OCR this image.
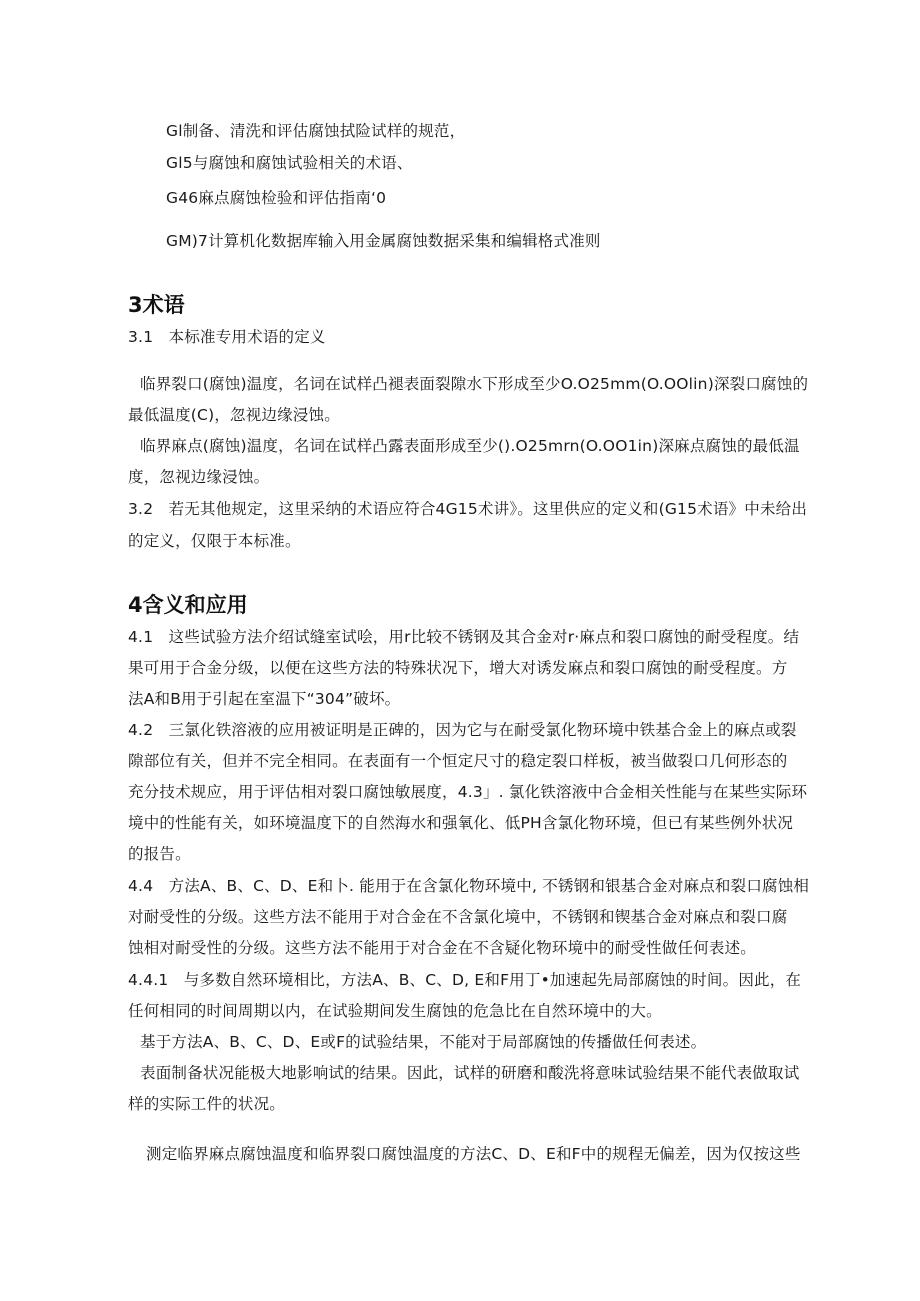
Gl制备、清洗和评估腐蚀拭险试样的规范，
Gl5与腐蚀和腐蚀试验相关的术语、
G46麻点腐蚀检验和评估指南‘0
GM)7计算机化数据库输入用金属腐蚀数据采集和编辑格式准则
3术语
3.1   本标准专用术语的定义
临界裂口(腐蚀)温度，名词在试样凸褪表面裂隙水下形成至少O.O25mm(O.OOlin)深裂口腐蚀的
最低温度(C)，忽视边缘浸蚀。
临界麻点(腐蚀)温度，名词在试样凸露表面形成至少().O25mrn(O.OO1in)深麻点腐蚀的最低温
度，忽视边缘浸蚀。
3.2   若无其他规定，这里采纳的术语应符合4G15术讲》。这里供应的定义和(G15术语》中未给出
的定义，仅限于本标准。
4含义和应用
4.1   这些试验方法介绍试缝室试哙，用r比较不锈钢及其合金对r·麻点和裂口腐蚀的耐受程度。结
果可用于合金分级，以便在这些方法的特殊状况下，增大对诱发麻点和裂口腐蚀的耐受程度。方
法A和B用于引起在室温下“304”破坏。
4.2   三氯化铁溶液的应用被证明是正碑的，因为它与在耐受氯化物环境中铁基合金上的麻点或裂
隙部位有关，但并不完全相同。在表面有一个恒定尺寸的稳定裂口样板，被当做裂口几何形态的
充分技术规应，用于评估相对裂口腐蚀敏展度，4.3」. 氯化铁溶液中合金相关性能与在某些实际环
境中的性能有关，如环境温度下的自然海水和强氧化、低PH含氯化物环境，但已有某些例外状况
的报告。
4.4   方法A、B、C、D、E和卜. 能用于在含氯化物环境中, 不锈钢和银基合金对麻点和裂口腐蚀相
对耐受性的分级。这些方法不能用于对合金在不含氯化境中，不锈钢和锲基合金对麻点和裂口腐
蚀相对耐受性的分级。这些方法不能用于对合金在不含疑化物环境中的耐受性做任何表述。
4.4.1   与多数自然环境相比，方法A、B、C、D, E和F用丁•加速起先局部腐蚀的时间。因此，在
任何相同的时间周期以内，在试验期间发生腐蚀的危急比在自然环境中的大。
基于方法A、B、C、D、E或F的试验结果，不能对于局部腐蚀的传播做任何表述。
表面制备状况能极大地影响试的结果。因此，试样的研磨和酸洗将意味试验结果不能代表做取试
样的实际工件的状况。
测定临界麻点腐蚀温度和临界裂口腐蚀温度的方法C、D、E和F中的规程无偏差，因为仅按这些
